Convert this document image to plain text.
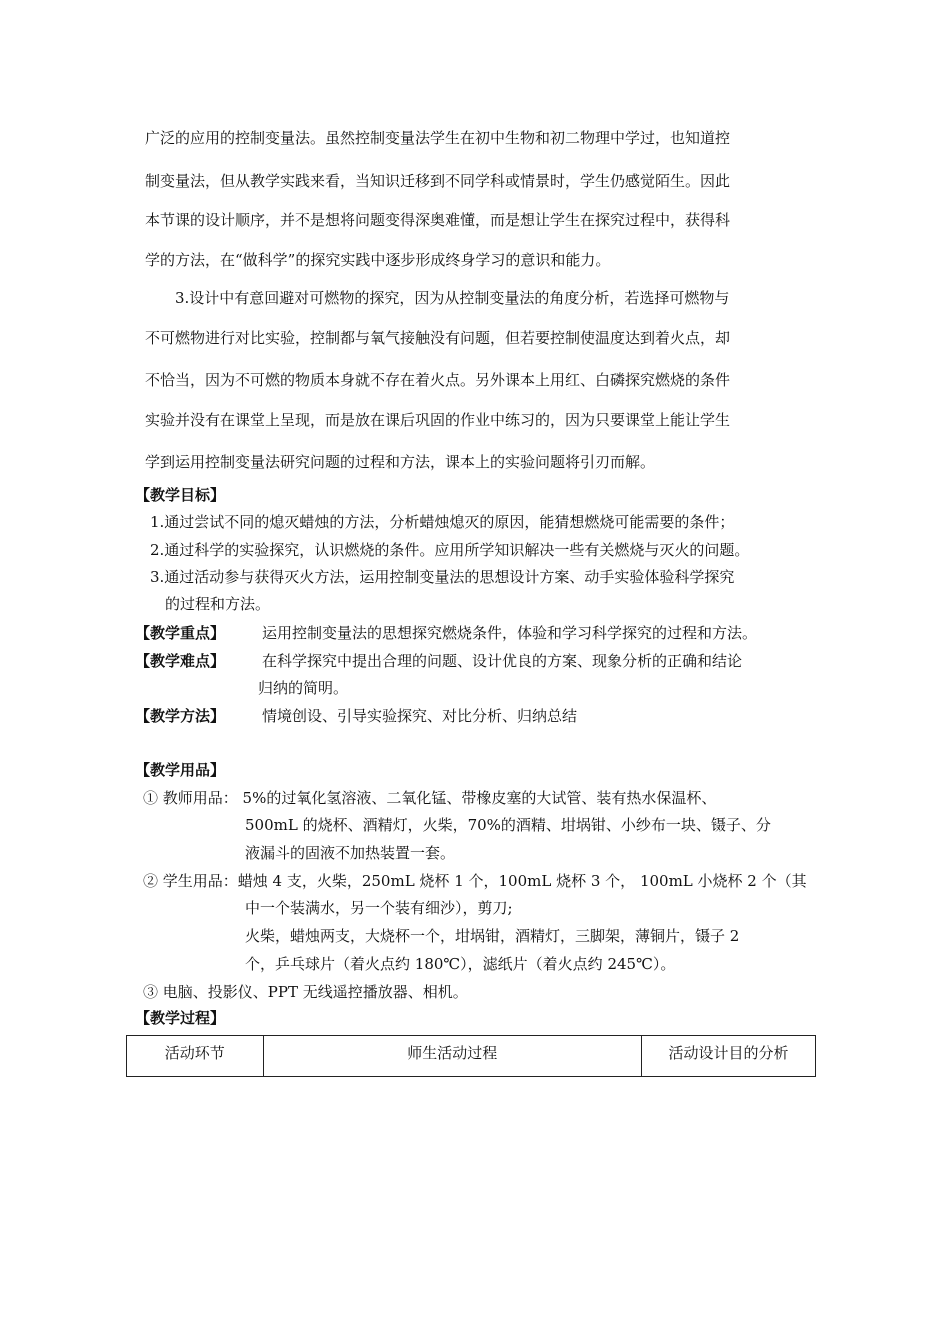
广泛的应用的控制变量法。虽然控制变量法学生在初中生物和初二物理中学过，也知道控
制变量法，但从教学实践来看，当知识迁移到不同学科或情景时，学生仍感觉陌生。因此
本节课的设计顺序，并不是想将问题变得深奥难懂，而是想让学生在探究过程中，获得科
学的方法，在“做科学”的探究实践中逐步形成终身学习的意识和能力。
3.设计中有意回避对可燃物的探究，因为从控制变量法的角度分析，若选择可燃物与
不可燃物进行对比实验，控制都与氧气接触没有问题，但若要控制使温度达到着火点，却
不恰当，因为不可燃的物质本身就不存在着火点。另外课本上用红、白磷探究燃烧的条件
实验并没有在课堂上呈现，而是放在课后巩固的作业中练习的，因为只要课堂上能让学生
学到运用控制变量法研究问题的过程和方法，课本上的实验问题将引刃而解。
【教学目标】
1.通过尝试不同的熄灭蜡烛的方法，分析蜡烛熄灭的原因，能猜想燃烧可能需要的条件；
2.通过科学的实验探究，认识燃烧的条件。应用所学知识解决一些有关燃烧与灭火的问题。
3.通过活动参与获得灭火方法，运用控制变量法的思想设计方案、动手实验体验科学探究
的过程和方法。
【教学重点】 运用控制变量法的思想探究燃烧条件，体验和学习科学探究的过程和方法。
【教学难点】 在科学探究中提出合理的问题、设计优良的方案、现象分析的正确和结论
归纳的简明。
【教学方法】 情境创设、引导实验探究、对比分析、归纳总结
【教学用品】
① 教师用品： 5%的过氧化氢溶液、二氧化锰、带橡皮塞的大试管、装有热水保温杯、
500mL 的烧杯、酒精灯，火柴，70%的酒精、坩埚钳、小纱布一块、镊子、分
液漏斗的固液不加热装置一套。
② 学生用品：蜡烛 4 支，火柴，250mL 烧杯 1 个，100mL 烧杯 3 个， 100mL 小烧杯 2 个（其
中一个装满水，另一个装有细沙），剪刀;
火柴，蜡烛两支，大烧杯一个，坩埚钳，酒精灯，三脚架，薄铜片，镊子 2
个，乒乓球片（着火点约 180℃），滤纸片（着火点约 245℃）。
③ 电脑、投影仪、PPT 无线遥控播放器、相机。
【教学过程】
活动环节	师生活动过程	活动设计目的分析
